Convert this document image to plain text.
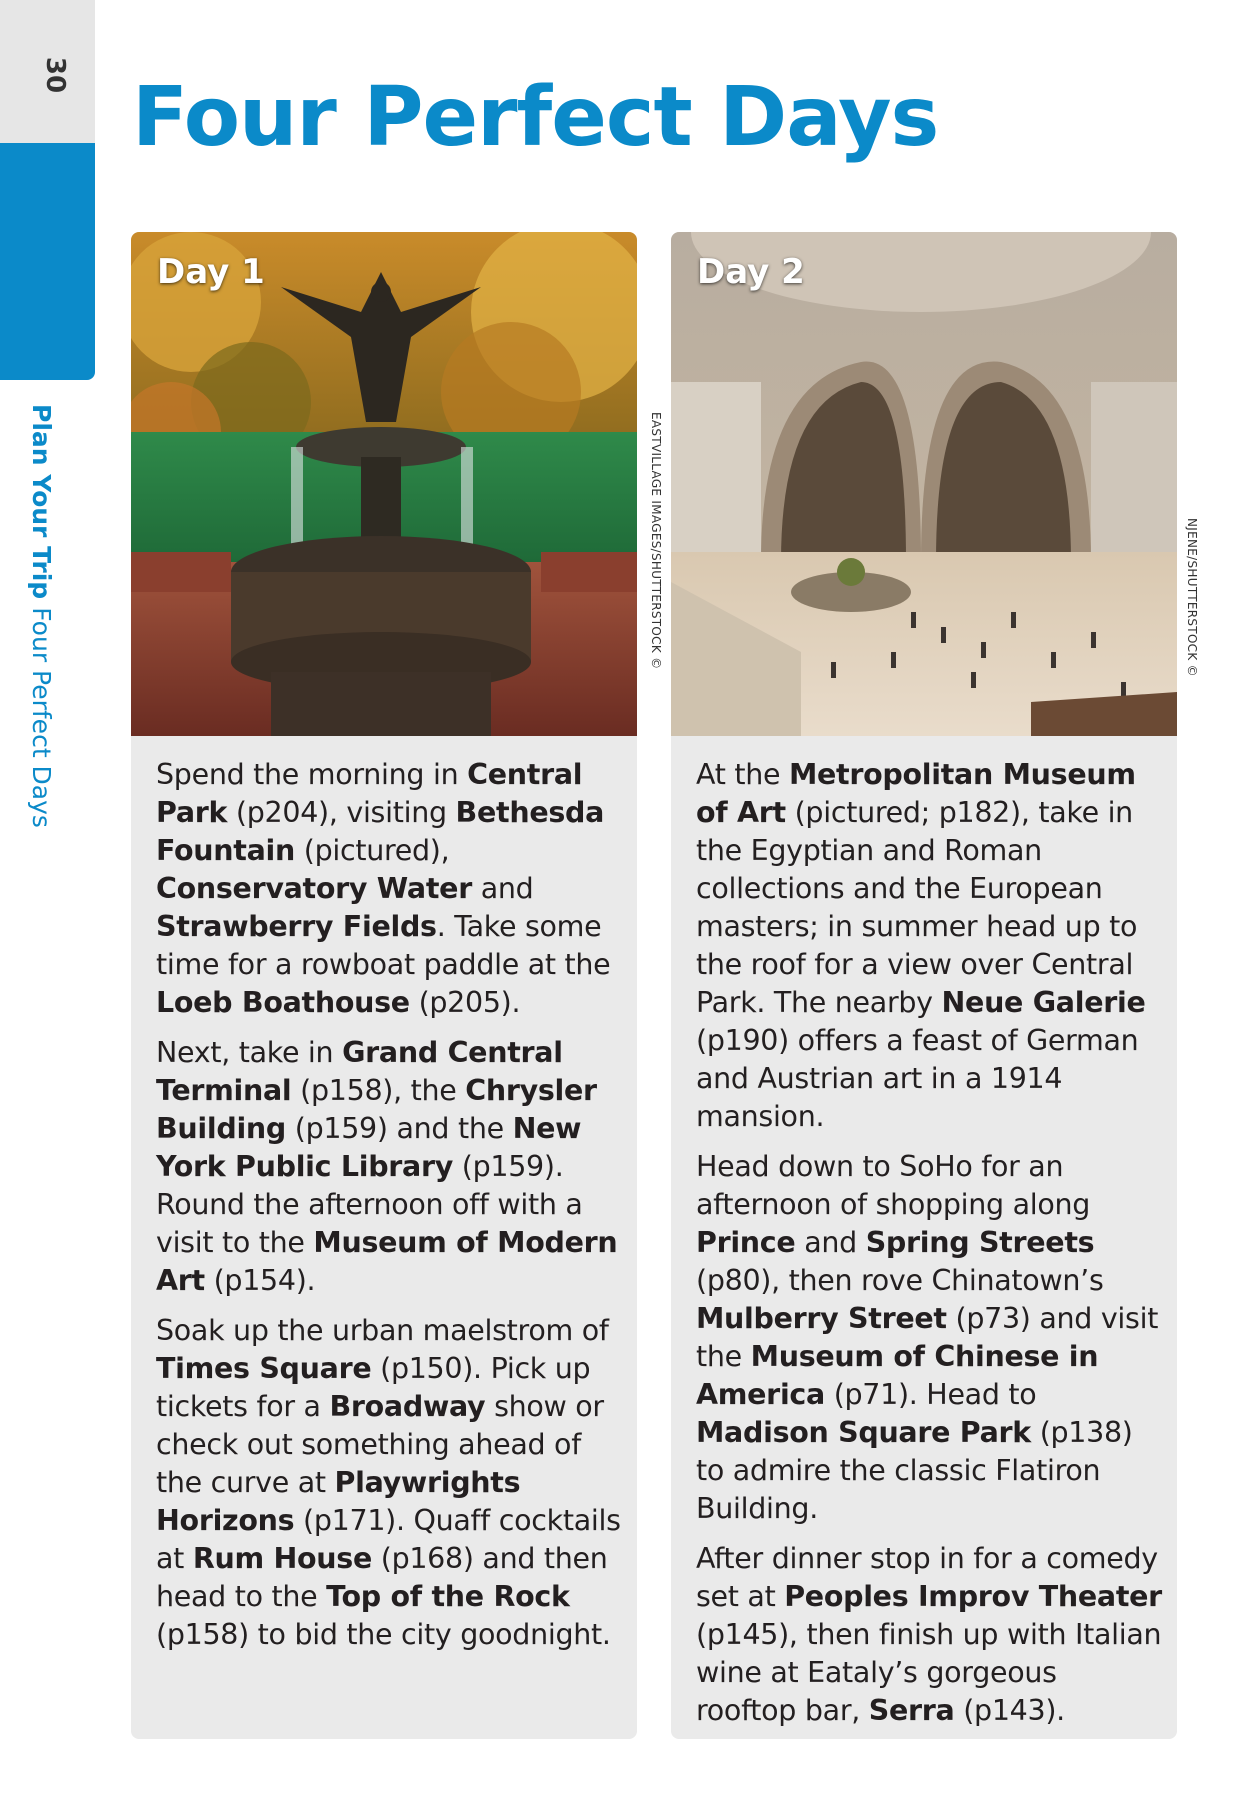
30
Plan Your TripFour Perfect Days
Four Perfect Days
Day 1

Spend the morning in Central Park (p204), visiting Bethesda Fountain (pictured), Conservatory Water and Strawberry Fields. Take some time for a rowboat paddle at the Loeb Boathouse (p205).

Next, take in Grand Central Terminal (p158), the Chrysler Building (p159) and the New York Public Library (p159). Round the afternoon off with a visit to the Museum of Modern Art (p154).

Soak up the urban maelstrom of Times Square (p150). Pick up tickets for a Broadway show or check out something ahead of the curve at Playwrights Horizons (p171). Quaff cocktails at Rum House (p168) and then head to the Top of the Rock (p158) to bid the city goodnight.

Day 2

At the Metropolitan Museum of Art (pictured; p182), take in the Egyptian and Roman collections and the European masters; in summer head up to the roof for a view over Central Park. The nearby Neue Galerie (p190) offers a feast of German and Austrian art in a 1914 mansion.

Head down to SoHo for an afternoon of shopping along Prince and Spring Streets (p80), then rove Chinatown’s Mulberry Street (p73) and visit the Museum of Chinese in America (p71). Head to Madison Square Park (p138) to admire the classic Flatiron Building.

After dinner stop in for a comedy set at Peoples Improv Theater (p145), then finish up with Italian wine at Eataly’s gorgeous rooftop bar, Serra (p143).

EASTVILLAGE IMAGES/SHUTTERSTOCK ©	NJENE/SHUTTERSTOCK ©
